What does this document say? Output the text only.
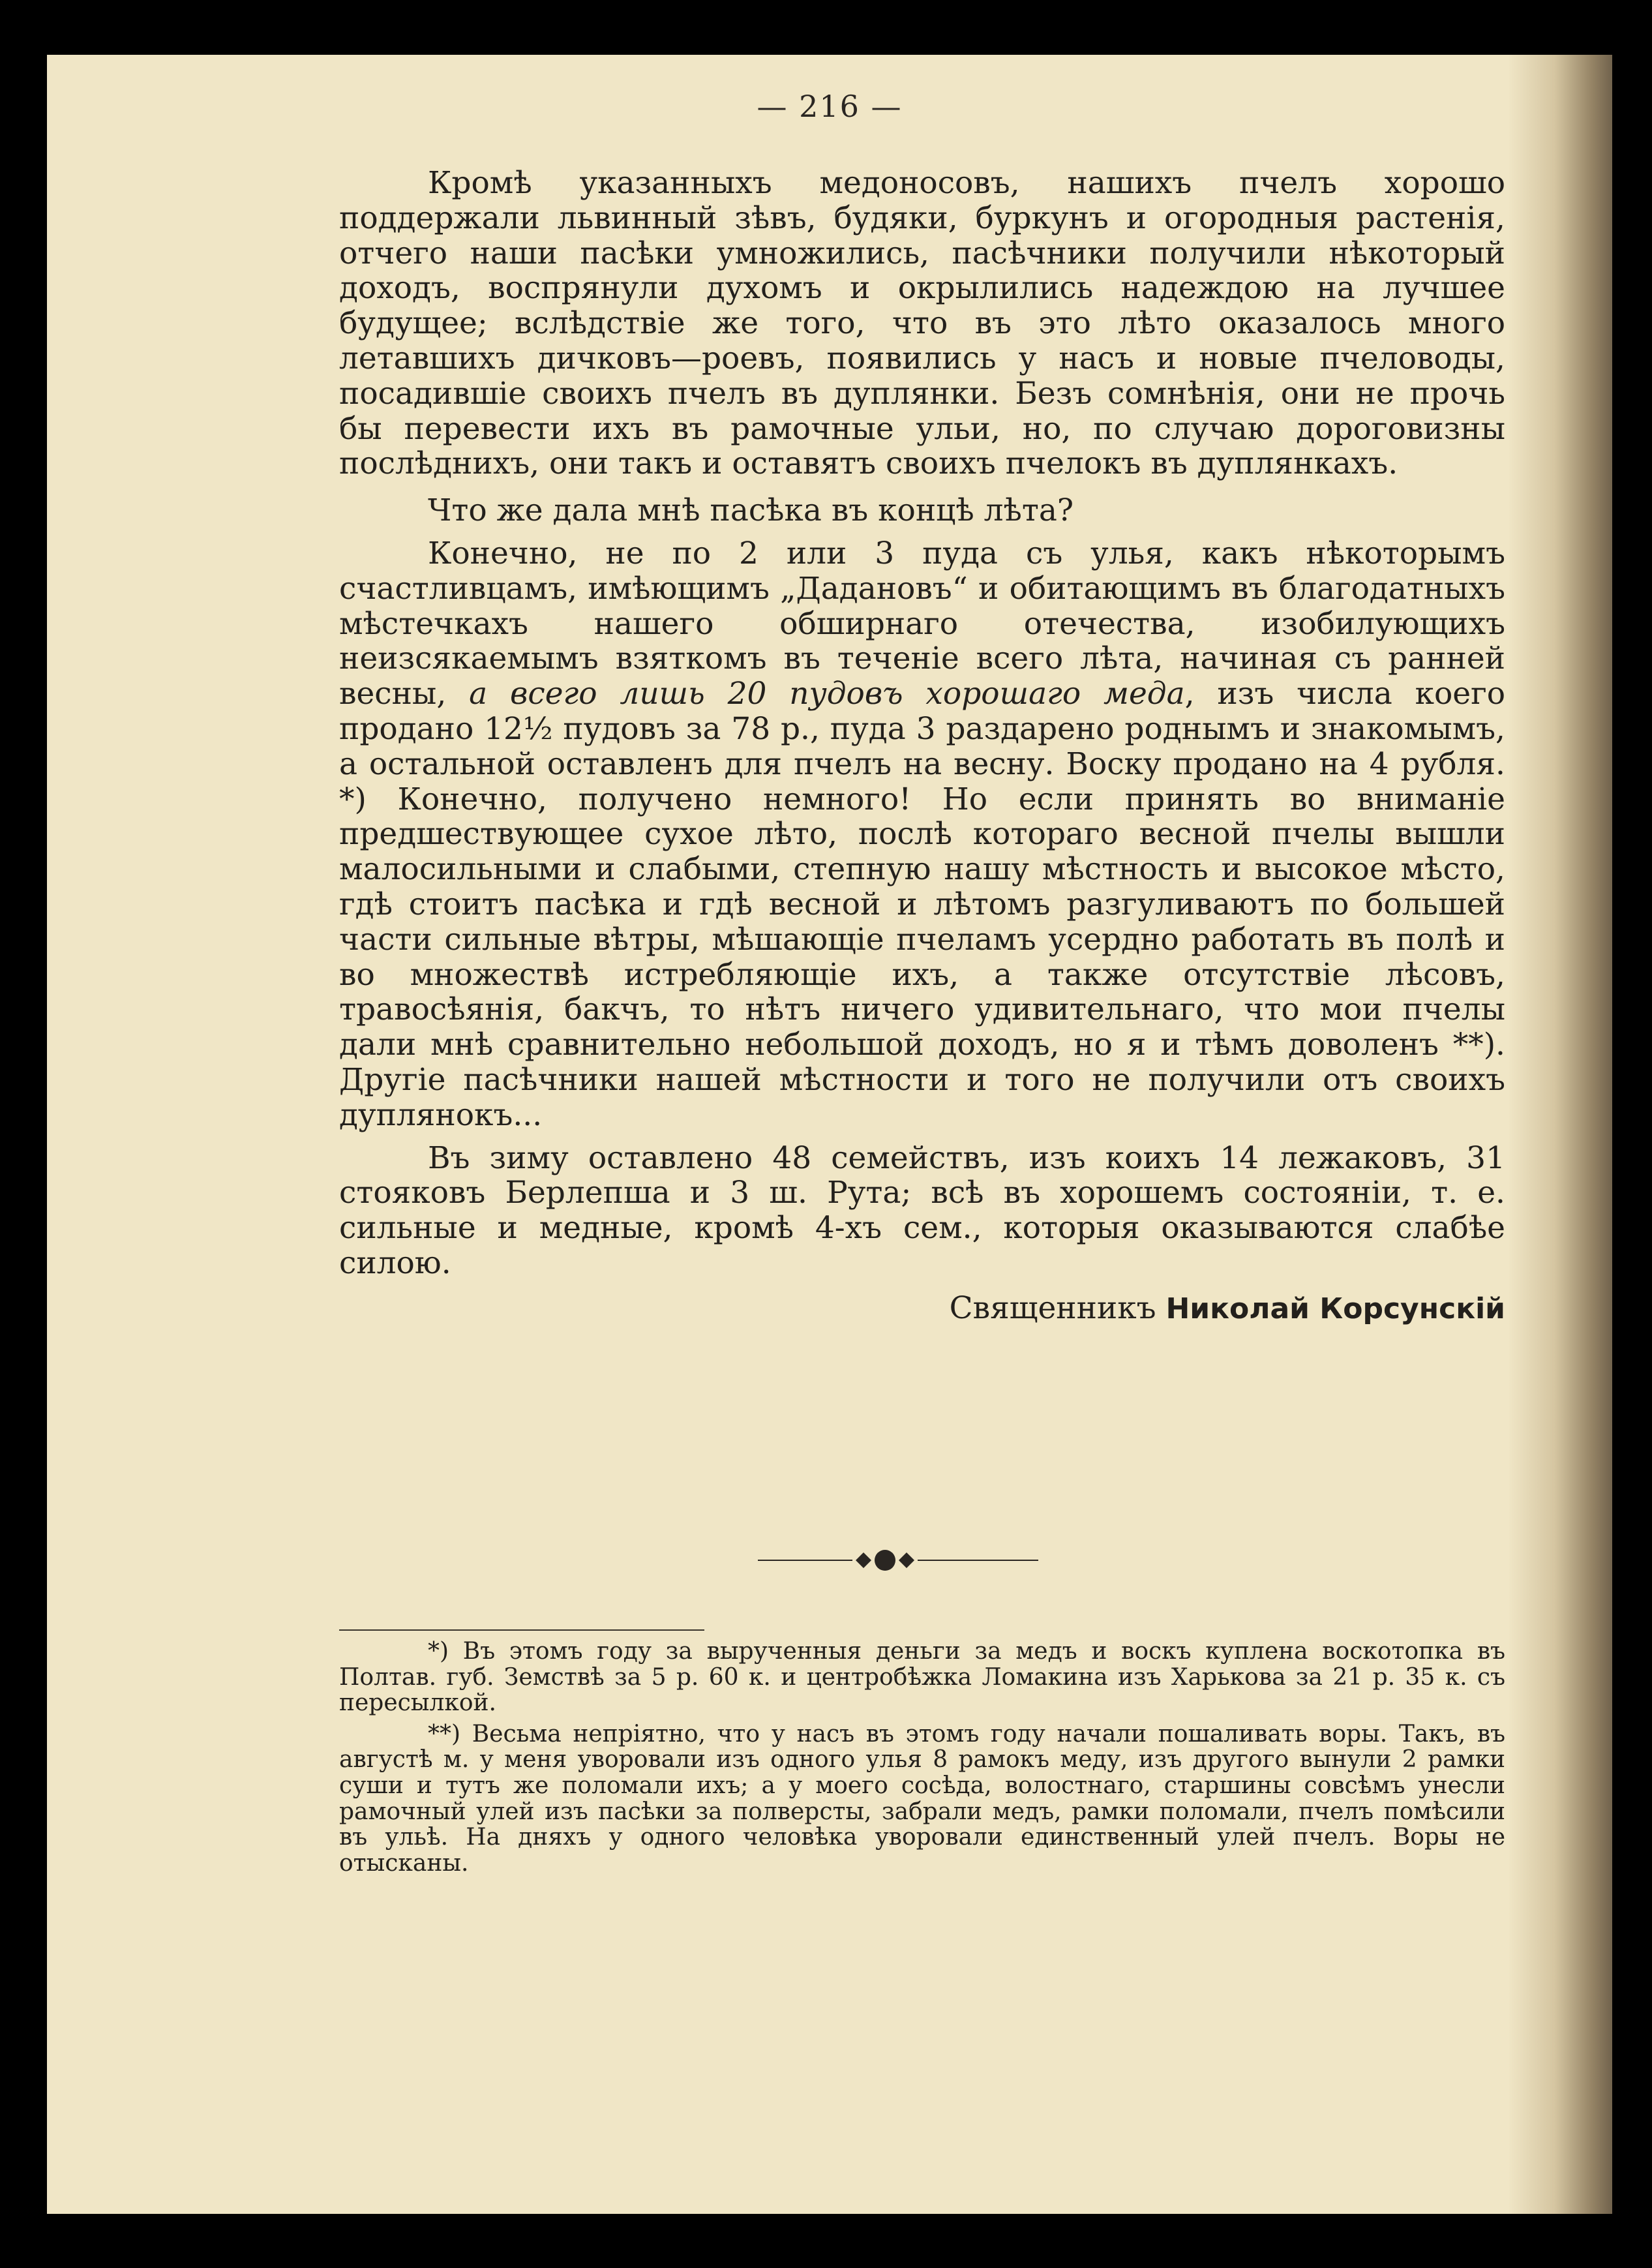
— 216 —

Кромѣ указанныхъ медоносовъ, нашихъ пчелъ хорошо поддержали львинный зѣвъ, будяки, буркунъ и огородныя растенія, отчего наши пасѣки умножились, пасѣчники получили нѣкоторый доходъ, воспрянули духомъ и окрылились надеждою на лучшее будущее; вслѣдствіе же того, что въ это лѣто оказалось много летавшихъ дичковъ—роевъ, появились у насъ и новые пчеловоды, посадившіе своихъ пчелъ въ дуплянки. Безъ сомнѣнія, они не прочь бы перевести ихъ въ рамочные ульи, но, по случаю дороговизны послѣднихъ, они такъ и оставятъ своихъ пчелокъ въ дуплянкахъ.

Что же дала мнѣ пасѣка въ концѣ лѣта?

Конечно, не по 2 или 3 пуда съ улья, какъ нѣкоторымъ счастливцамъ, имѣющимъ „Дадановъ“ и обитающимъ въ благодатныхъ мѣстечкахъ нашего обширнаго отечества, изобилующихъ неизсякаемымъ взяткомъ въ теченіе всего лѣта, начиная съ ранней весны, а всего лишь 20 пудовъ хорошаго меда, изъ числа коего продано 12½ пудовъ за 78 р., пуда 3 раздарено роднымъ и знакомымъ, а остальной оставленъ для пчелъ на весну. Воску продано на 4 рубля. *) Конечно, получено немного! Но если принять во вниманіе предшествующее сухое лѣто, послѣ котораго весной пчелы вышли малосильными и слабыми, степную нашу мѣстность и высокое мѣсто, гдѣ стоитъ пасѣка и гдѣ весной и лѣтомъ разгуливаютъ по большей части сильные вѣтры, мѣшающіе пчеламъ усердно работать въ полѣ и во множествѣ истребляющіе ихъ, а также отсутствіе лѣсовъ, травосѣянія, бакчъ, то нѣтъ ничего удивительнаго, что мои пчелы дали мнѣ сравнительно небольшой доходъ, но я и тѣмъ доволенъ **). Другіе пасѣчники нашей мѣстности и того не получили отъ своихъ дуплянокъ...

Въ зиму оставлено 48 семействъ, изъ коихъ 14 лежаковъ, 31 стояковъ Берлепша и 3 ш. Рута; всѣ въ хорошемъ состояніи, т. е. сильные и медные, кромѣ 4-хъ сем., которыя оказываются слабѣе силою.

Священникъ Николай Корсунскій

*) Въ этомъ году за вырученныя деньги за медъ и воскъ куплена воскотопка въ Полтав. губ. Земствѣ за 5 р. 60 к. и центробѣжка Ломакина изъ Харькова за 21 р. 35 к. съ пересылкой.

**) Весьма непріятно, что у насъ въ этомъ году начали пошаливать воры. Такъ, въ августѣ м. у меня уворовали изъ одного улья 8 рамокъ меду, изъ другого вынули 2 рамки суши и тутъ же поломали ихъ; а у моего сосѣда, волостнаго, старшины совсѣмъ унесли рамочный улей изъ пасѣки за полверсты, забрали медъ, рамки поломали, пчелъ помѣсили въ ульѣ. На дняхъ у одного человѣка уворовали единственный улей пчелъ. Воры не отысканы.
